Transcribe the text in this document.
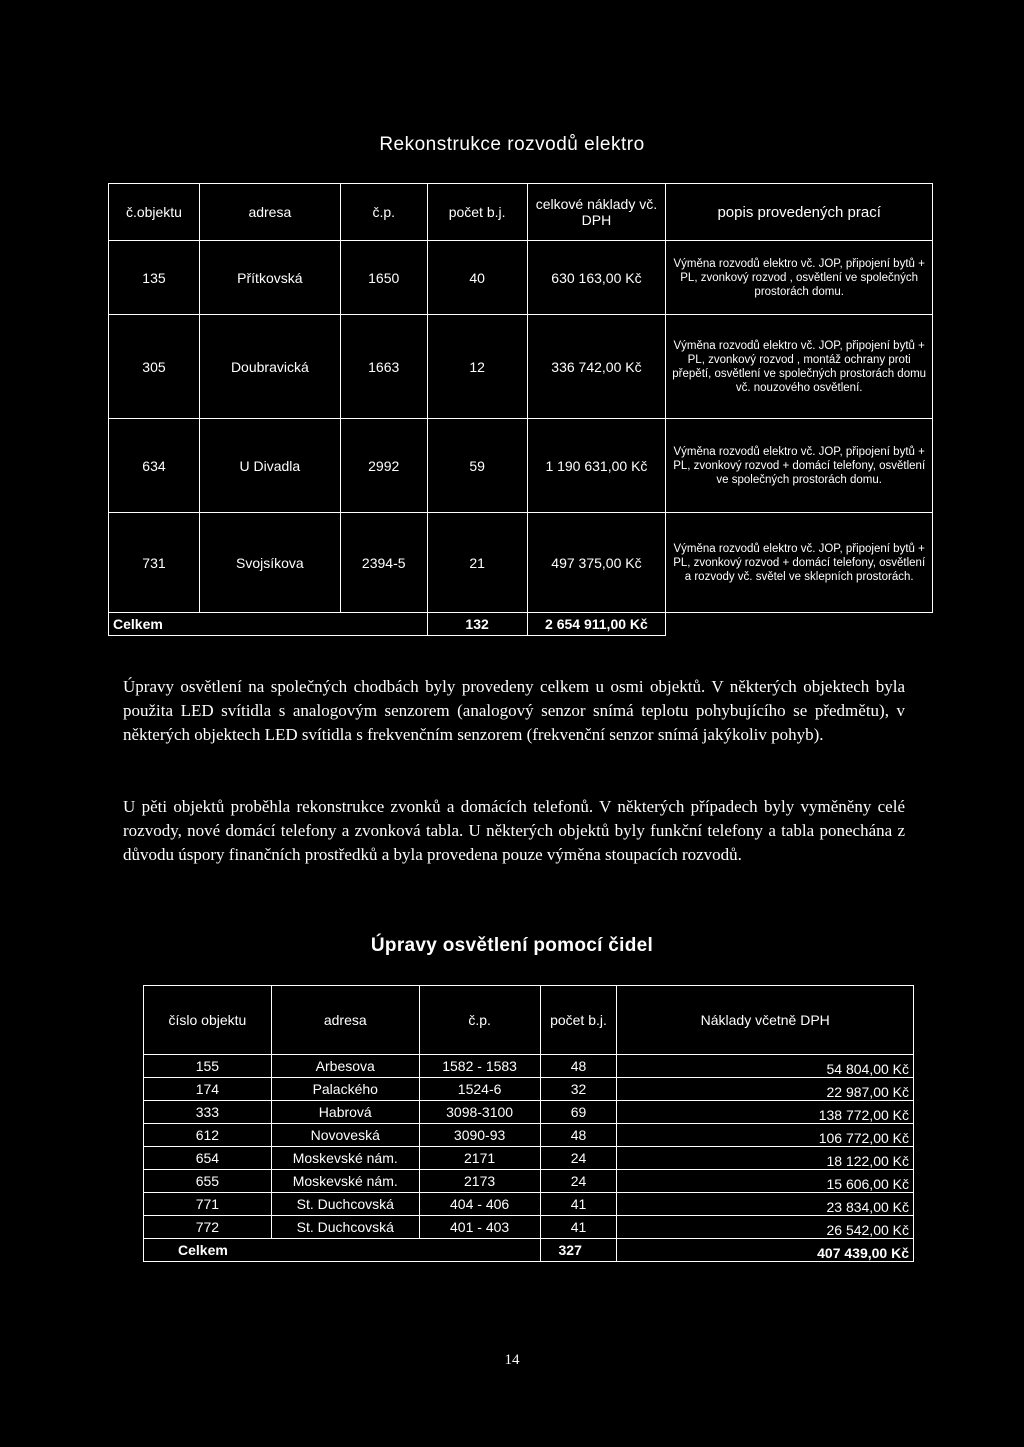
Rekonstrukce rozvodů elektro
č.objektu	adresa	č.p.	počet b.j.	celkové náklady vč. DPH	popis provedených prací
135	Přítkovská	1650	40	630 163,00 Kč	Výměna rozvodů elektro vč. JOP, připojení bytů + PL, zvonkový rozvod , osvětlení ve společných prostorách domu.
305	Doubravická	1663	12	336 742,00 Kč	Výměna rozvodů elektro vč. JOP, připojení bytů + PL, zvonkový rozvod , montáž ochrany proti přepětí, osvětlení ve společných prostorách domu vč. nouzového osvětlení.
634	U Divadla	2992	59	1 190 631,00 Kč	Výměna rozvodů elektro vč. JOP, připojení bytů + PL, zvonkový rozvod + domácí telefony, osvětlení ve společných prostorách domu.
731	Svojsíkova	2394-5	21	497 375,00 Kč	Výměna rozvodů elektro vč. JOP, připojení bytů + PL, zvonkový rozvod + domácí telefony, osvětlení a rozvody vč. světel ve sklepních prostorách.
Celkem			132	2 654 911,00 Kč	
Úpravy osvětlení na společných chodbách byly provedeny celkem u osmi objektů. V některých objektech byla použita LED svítidla s analogovým senzorem (analogový senzor snímá teplotu pohybujícího se předmětu), v některých objektech LED svítidla s frekvenčním senzorem (frekvenční senzor snímá jakýkoliv pohyb).
U pěti objektů proběhla rekonstrukce zvonků a domácích telefonů. V některých případech byly vyměněny celé rozvody, nové domácí telefony a zvonková tabla. U některých objektů byly funkční telefony a tabla ponechána z důvodu úspory finančních prostředků a byla provedena pouze výměna stoupacích rozvodů.
Úpravy osvětlení pomocí čidel
číslo objektu	adresa	č.p.	počet b.j.	Náklady včetně DPH
155	Arbesova	1582 - 1583	48	54 804,00 Kč
174	Palackého	1524-6	32	22 987,00 Kč
333	Habrová	3098-3100	69	138 772,00 Kč
612	Novoveská	3090-93	48	106 772,00 Kč
654	Moskevské nám.	2171	24	18 122,00 Kč
655	Moskevské nám.	2173	24	15 606,00 Kč
771	St. Duchcovská	404 - 406	41	23 834,00 Kč
772	St. Duchcovská	401 - 403	41	26 542,00 Kč
Celkem			327	407 439,00 Kč
14
